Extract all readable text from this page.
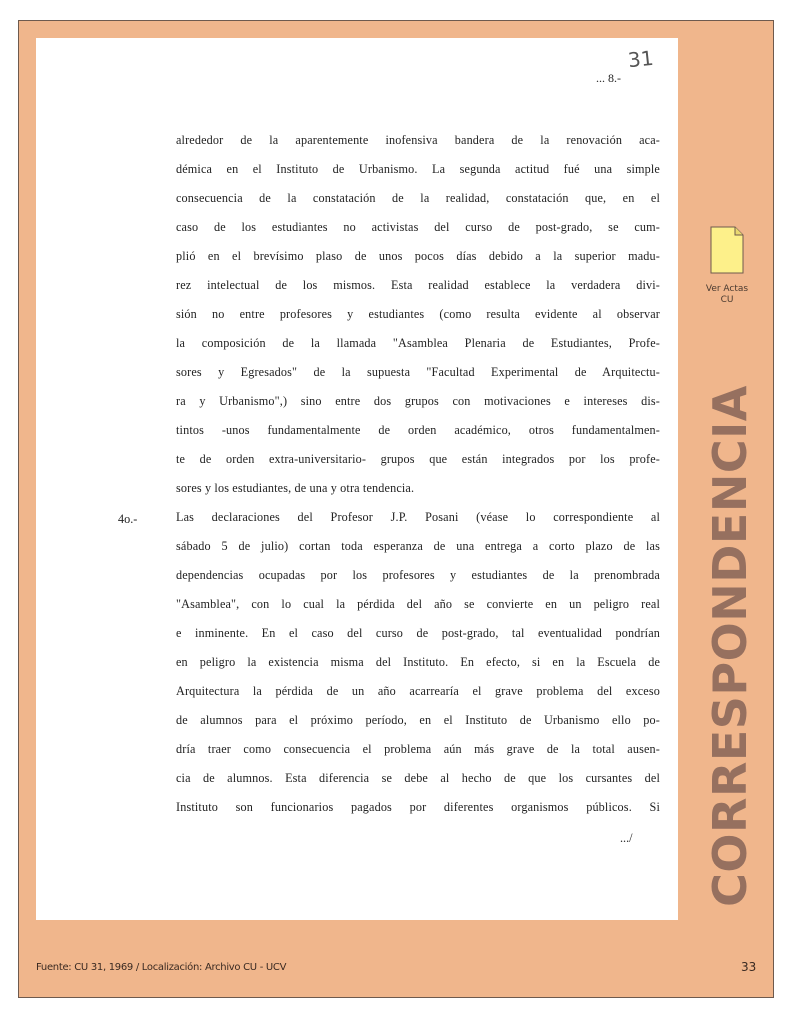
31
... 8.-
alrededor de la aparentemente inofensiva bandera de la renovación aca-
démica en el Instituto de Urbanismo. La segunda actitud fué una simple
consecuencia de la constatación de la realidad, constatación que, en el
caso de los estudiantes no activistas del curso de post-grado, se cum-
plió en el brevísimo plaso de unos pocos días debido a la superior madu-
rez intelectual de los mismos. Esta realidad establece la verdadera divi-
sión no entre profesores y estudiantes (como resulta evidente al observar
la composición de la llamada "Asamblea Plenaria de Estudiantes, Profe-
sores y Egresados" de la supuesta "Facultad Experimental de Arquitectu-
ra y Urbanismo",) sino entre dos grupos con motivaciones e intereses dis-
tintos -unos fundamentalmente de orden académico, otros fundamentalmen-
te de orden extra-universitario- grupos que están integrados por los profe-
sores y los estudiantes, de una y otra tendencia.
Las declaraciones del Profesor J.P. Posani (véase lo correspondiente al
sábado 5 de julio) cortan toda esperanza de una entrega a corto plazo de las
dependencias ocupadas por los profesores y estudiantes de la prenombrada
"Asamblea", con lo cual la pérdida del año se convierte en un peligro real
e inminente. En el caso del curso de post-grado, tal eventualidad pondrían
en peligro la existencia misma del Instituto. En efecto, si en la Escuela de
Arquitectura la pérdida de un año acarrearía el grave problema del exceso
de alumnos para el próximo período, en el Instituto de Urbanismo ello po-
dría traer como consecuencia el problema aún más grave de la total ausen-
cia de alumnos. Esta diferencia se debe al hecho de que los cursantes del
Instituto son funcionarios pagados por diferentes organismos públicos. Si
4o.-
.../
Ver Actas
CU
CORRESPONDENCIA
Fuente: CU 31, 1969 / Localización: Archivo CU - UCV	33
